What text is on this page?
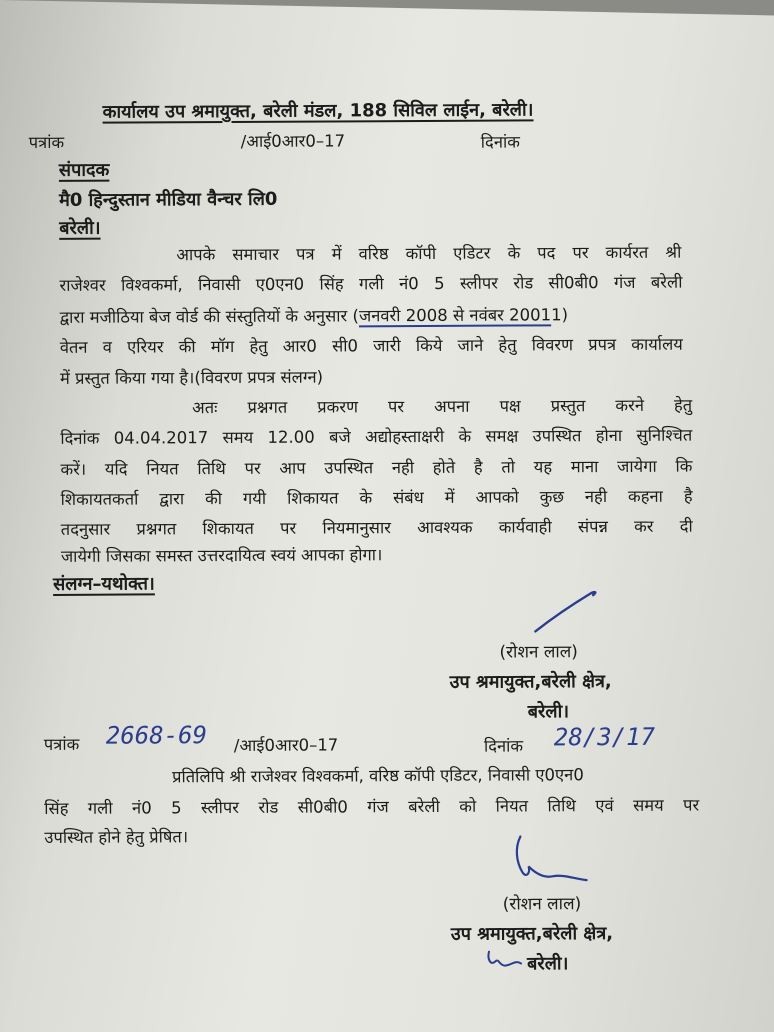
कार्यालय उप श्रमायुक्त, बरेली मंडल, 188 सिविल लाईन, बरेली।
पत्रांक	/आई0आर0–17	दिनांक
संपादक
मै0 हिन्दुस्तान मीडिया वैन्चर लि0
बरेली।
आपके समाचार पत्र में वरिष्ठ कॉपी एडिटर के पद पर कार्यरत श्री
राजेश्वर विश्वकर्मा, निवासी ए0एन0 सिंह गली नं0 5 स्लीपर रोड सी0बी0 गंज बरेली
द्वारा मजीठिया बेज वोर्ड की संस्तुतियों के अनुसार (जनवरी 2008 से नवंबर 20011)
वेतन व एरियर की मॉग हेतु आर0 सी0 जारी किये जाने हेतु विवरण प्रपत्र कार्यालय
में प्रस्तुत किया गया है।(विवरण प्रपत्र संलग्न)
अतः प्रश्नगत प्रकरण पर अपना पक्ष प्रस्तुत करने हेतु
दिनांक 04.04.2017 समय 12.00 बजे अद्योहस्ताक्षरी के समक्ष उपस्थित होना सुनिश्चित
करें। यदि नियत तिथि पर आप उपस्थित नही होते है तो यह माना जायेगा कि
शिकायतकर्ता द्वारा की गयी शिकायत के संबंध में आपको कुछ नही कहना है
तदनुसार प्रश्नगत शिकायत पर नियमानुसार आवश्यक कार्यवाही संपन्न कर दी
जायेगी जिसका समस्त उत्तरदायित्व स्वयं आपका होगा।
संलग्न–यथोक्त।
(रोशन लाल)
उप श्रमायुक्त,बरेली क्षेत्र,
बरेली।
पत्रांक 2668-69 /आई0आर0–17	दिनांक 28/3/17
प्रतिलिपि श्री राजेश्वर विश्वकर्मा, वरिष्ठ कॉपी एडिटर, निवासी ए0एन0
सिंह गली नं0 5 स्लीपर रोड सी0बी0 गंज बरेली को नियत तिथि एवं समय पर
उपस्थित होने हेतु प्रेषित।
(रोशन लाल)
उप श्रमायुक्त,बरेली क्षेत्र,
बरेली।
